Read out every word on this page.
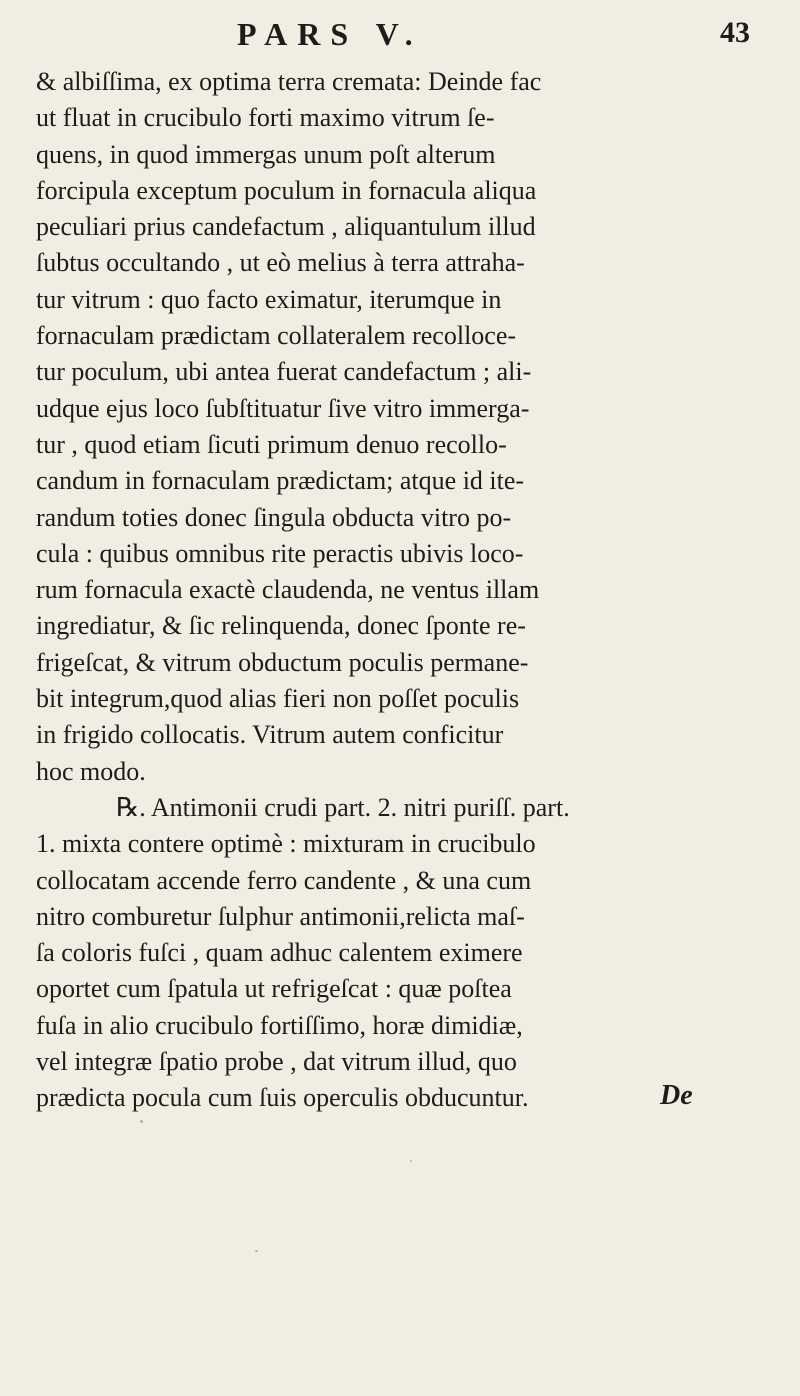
PARS V.	43
& albiſſima, ex optima terra cremata: Deinde fac
ut fluat in crucibulo forti maximo vitrum ſe-
quens, in quod immergas unum poſt alterum
forcipula exceptum poculum in fornacula aliqua
peculiari prius candefactum , aliquantulum illud
ſubtus occultando , ut eò melius à terra attraha-
tur vitrum : quo facto eximatur, iterumque in
fornaculam prædictam collateralem recolloce-
tur poculum, ubi antea fuerat candefactum ; ali-
udque ejus loco ſubſtituatur ſive vitro immerga-
tur , quod etiam ſicuti primum denuo recollo-
candum in fornaculam prædictam; atque id ite-
randum toties donec ſingula obducta vitro po-
cula : quibus omnibus rite peractis ubivis loco-
rum fornacula exactè claudenda, ne ventus illam
ingrediatur, & ſic relinquenda, donec ſponte re-
frigeſcat, & vitrum obductum poculis permane-
bit integrum,quod alias fieri non poſſet poculis
in frigido collocatis. Vitrum autem conficitur
hoc modo.
℞. Antimonii crudi part. 2. nitri puriſſ. part.
1. mixta contere optimè : mixturam in crucibulo
collocatam accende ferro candente , & una cum
nitro comburetur ſulphur antimonii,relicta maſ-
ſa coloris fuſci , quam adhuc calentem eximere
oportet cum ſpatula ut refrigeſcat : quæ poſtea
fuſa in alio crucibulo fortiſſimo, horæ dimidiæ,
vel integræ ſpatio probe , dat vitrum illud, quo
prædicta pocula cum ſuis operculis obducuntur.	De
